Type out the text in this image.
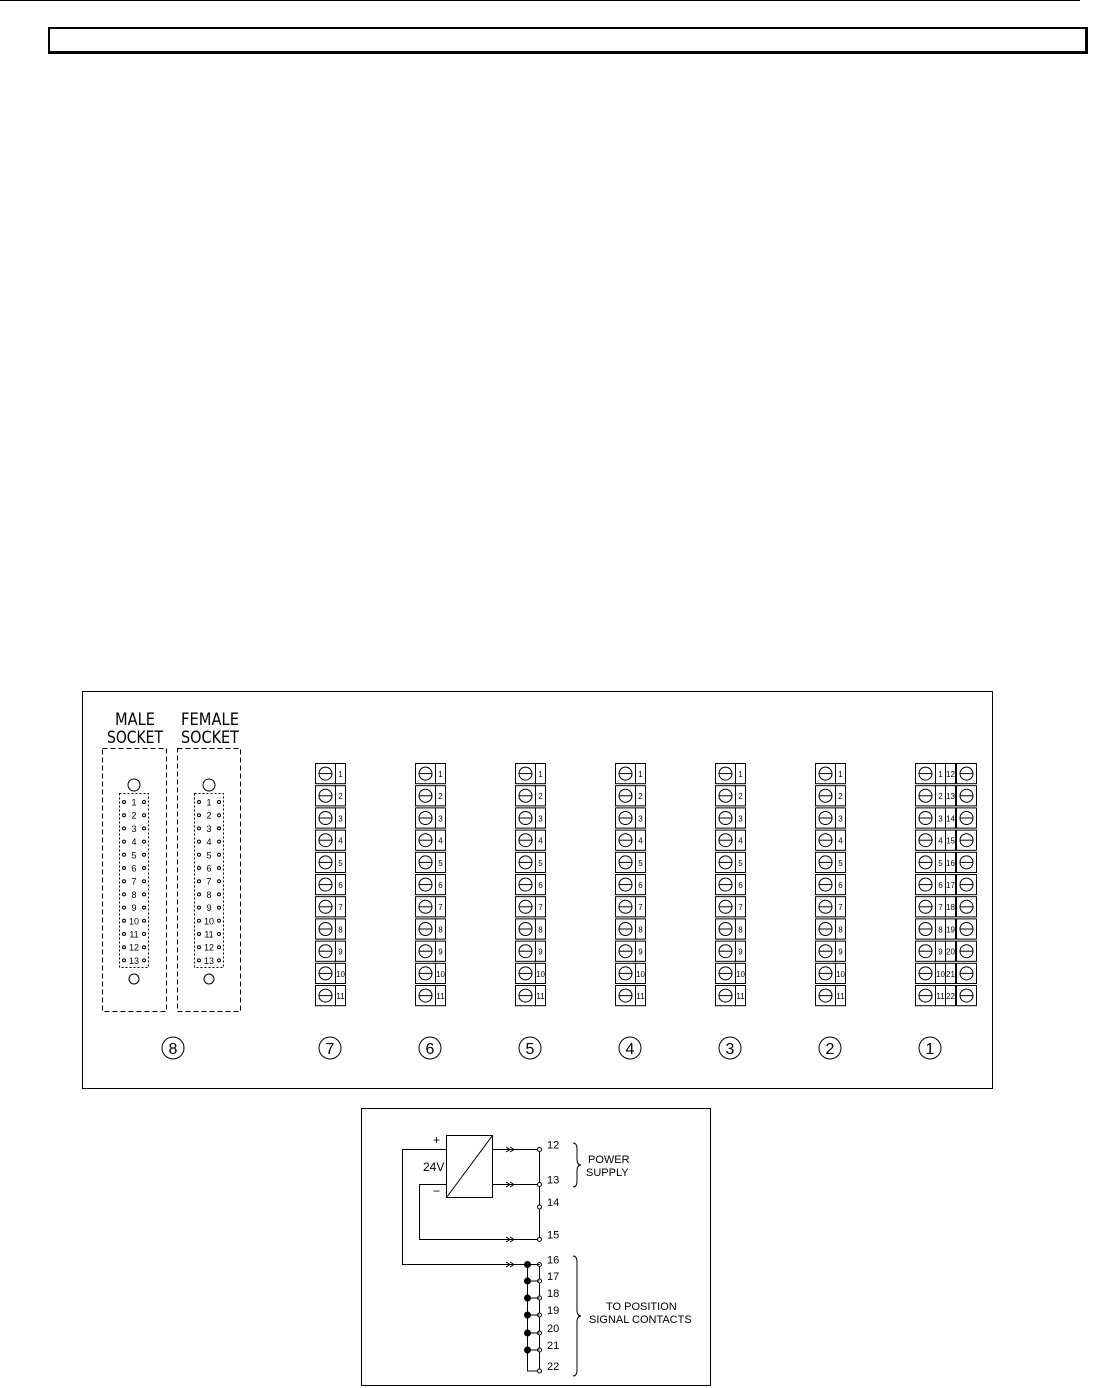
MALE
SOCKET
FEMALE
SOCKET
1
2
3
4
5
6
7
8
9
10
11
12
13
1
2
3
4
5
6
7
8
9
10
11
12
13
1
2
3
4
5
6
7
8
9
10
11
7
1
2
3
4
5
6
7
8
9
10
11
6
1
2
3
4
5
6
7
8
9
10
11
5
1
2
3
4
5
6
7
8
9
10
11
4
1
2
3
4
5
6
7
8
9
10
11
3
1
2
3
4
5
6
7
8
9
10
11
2
1 12
2 13
3 14
4 15
5 16
6 17
7 18
8 19
9 20
10 21
11 22
1
8
+
−
24V
12
13
14
15
16
17
18
19
20
21
22
POWER
SUPPLY
TO POSITION
SIGNAL CONTACTS
